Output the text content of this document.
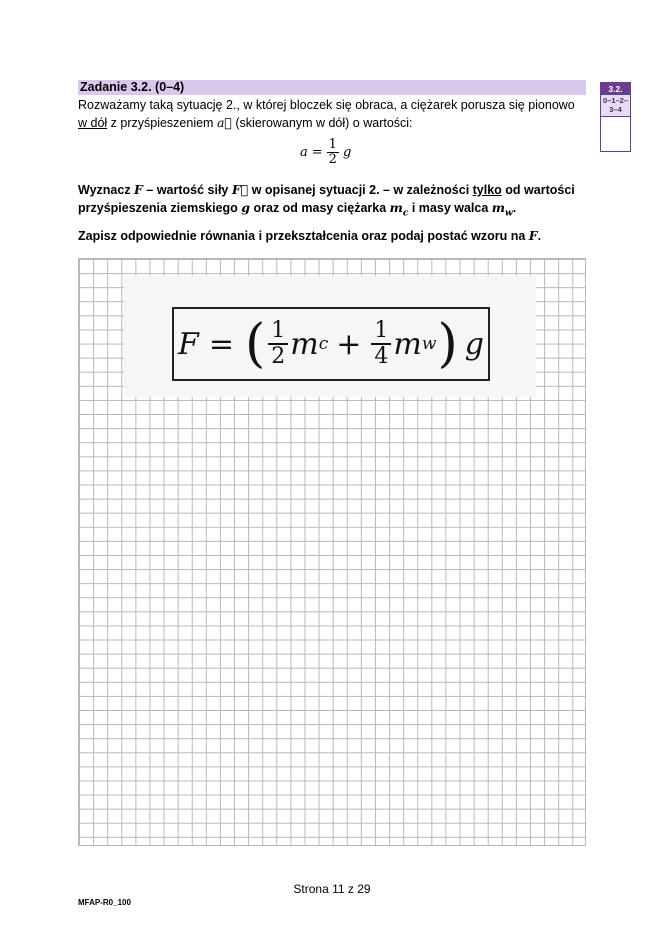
Zadanie 3.2. (0–4)	3.2.
0–1–2–3–4
Rozważamy taką sytuację 2., w której bloczek się obraca, a ciężarek porusza się pionowo
w dół z przyśpieszeniem a⃗ (skierowanym w dół) o wartości:
$a = \frac{1}{2}$ g
Wyznacz F – wartość siły F⃗ w opisanej sytuacji 2. – w zależności tylko od wartości
przyśpieszenia ziemskiego g oraz od masy ciężarka $m_c$ i masy walca $m_w$.
Zapisz odpowiednie równania i przekształcenia oraz podaj postać wzoru na F.
F = ( $\frac{1}{2}$ m $c + \frac{1}{4}$ m w ) g
Strona 11 z 29
MFAP-R0_100
